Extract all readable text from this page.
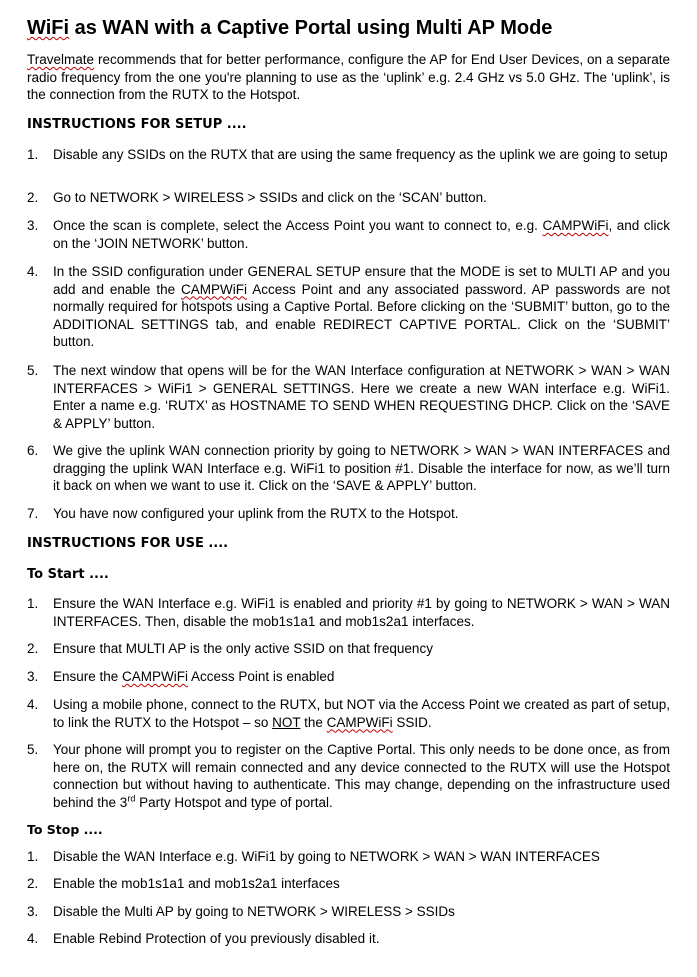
WiFi as WAN with a Captive Portal using Multi AP Mode

Travelmate recommends that for better performance, configure the AP for End User Devices, on a separate radio frequency from the one you're planning to use as the ‘uplink’ e.g. 2.4 GHz vs 5.0 GHz. The ‘uplink’, is the connection from the RUTX to the Hotspot.

INSTRUCTIONS FOR SETUP ....

1.	Disable any SSIDs on the RUTX that are using the same frequency as the uplink we are going to setup
2.	Go to NETWORK > WIRELESS > SSIDs and click on the ‘SCAN’ button.
3.	Once the scan is complete, select the Access Point you want to connect to, e.g. CAMPWiFi, and click on the ‘JOIN NETWORK’ button.
4.	In the SSID configuration under GENERAL SETUP ensure that the MODE is set to MULTI AP and you add and enable the CAMPWiFi Access Point and any associated password. AP passwords are not normally required for hotspots using a Captive Portal. Before clicking on the ‘SUBMIT’ button, go to the ADDITIONAL SETTINGS tab, and enable REDIRECT CAPTIVE PORTAL. Click on the ‘SUBMIT’ button.
5.	The next window that opens will be for the WAN Interface configuration at NETWORK > WAN > WAN INTERFACES > WiFi1 > GENERAL SETTINGS. Here we create a new WAN interface e.g. WiFi1. Enter a name e.g. ‘RUTX’ as HOSTNAME TO SEND WHEN REQUESTING DHCP. Click on the ‘SAVE & APPLY’ button.
6.	We give the uplink WAN connection priority by going to NETWORK > WAN > WAN INTERFACES and dragging the uplink WAN Interface e.g. WiFi1 to position #1. Disable the interface for now, as we’ll turn it back on when we want to use it. Click on the ‘SAVE & APPLY’ button.
7.	You have now configured your uplink from the RUTX to the Hotspot.

INSTRUCTIONS FOR USE ....

To Start ....

1.	Ensure the WAN Interface e.g. WiFi1 is enabled and priority #1 by going to NETWORK > WAN > WAN INTERFACES. Then, disable the mob1s1a1 and mob1s2a1 interfaces.
2.	Ensure that MULTI AP is the only active SSID on that frequency
3.	Ensure the CAMPWiFi Access Point is enabled
4.	Using a mobile phone, connect to the RUTX, but NOT via the Access Point we created as part of setup, to link the RUTX to the Hotspot – so NOT the CAMPWiFi SSID.
5.	Your phone will prompt you to register on the Captive Portal. This only needs to be done once, as from here on, the RUTX will remain connected and any device connected to the RUTX will use the Hotspot connection but without having to authenticate. This may change, depending on the infrastructure used behind the 3rd Party Hotspot and type of portal.

To Stop ....

1.	Disable the WAN Interface e.g. WiFi1 by going to NETWORK > WAN > WAN INTERFACES
2.	Enable the mob1s1a1 and mob1s2a1 interfaces
3.	Disable the Multi AP by going to NETWORK > WIRELESS > SSIDs
4.	Enable Rebind Protection of you previously disabled it.
